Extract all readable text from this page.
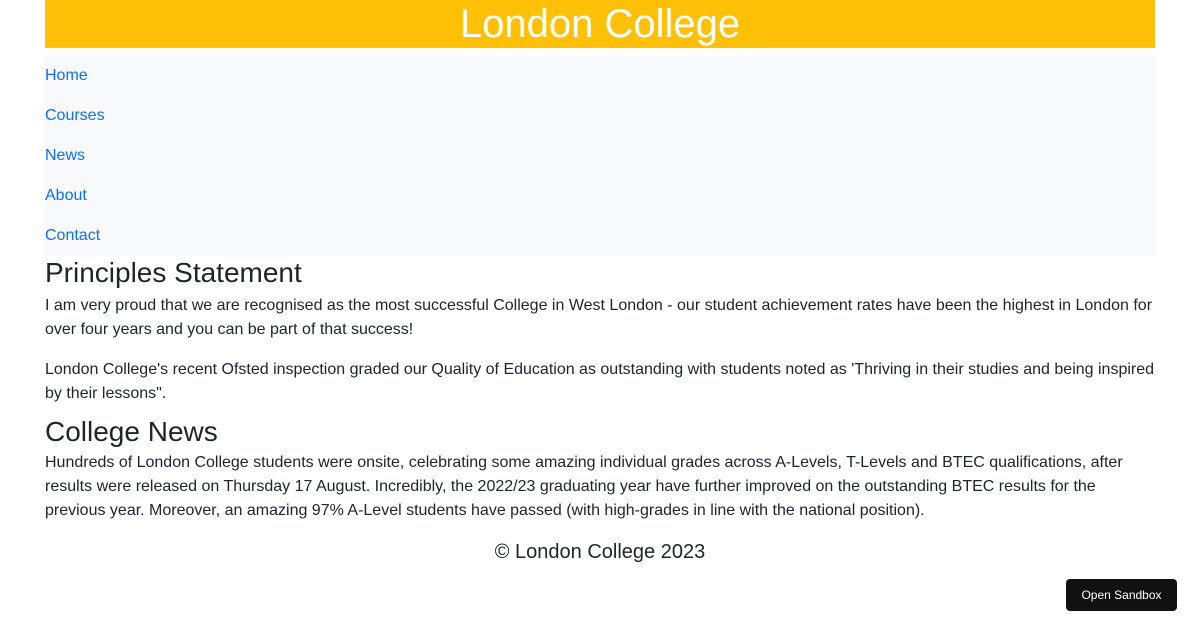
London College
Home
Courses
News
About
Contact
Principles Statement

I am very proud that we are recognised as the most successful College in West London - our student achievement rates have been the highest in London for over four years and you can be part of that success!

London College's recent Ofsted inspection graded our Quality of Education as outstanding with students noted as 'Thriving in their studies and being inspired by their lessons".

College News

Hundreds of London College students were onsite, celebrating some amazing individual grades across A-Levels, T-Levels and BTEC qualifications, after results were released on Thursday 17 August. Incredibly, the 2022/23 graduating year have further improved on the outstanding BTEC results for the previous year. Moreover, an amazing 97% A-Level students have passed (with high-grades in line with the national position).

© London College 2023
Open Sandbox
